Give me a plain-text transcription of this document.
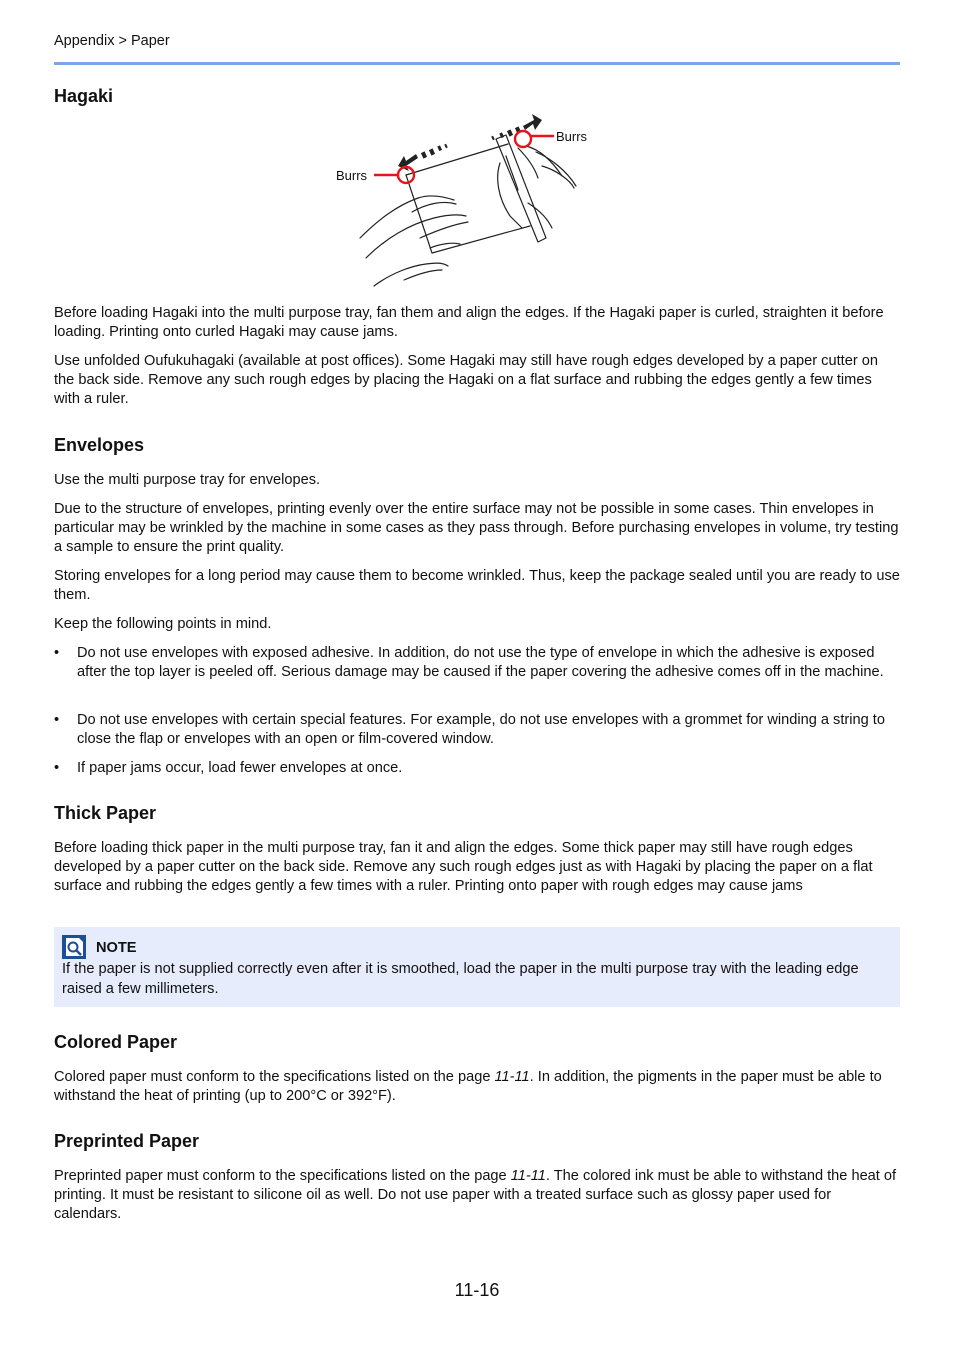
Appendix > Paper
Hagaki
Burrs
Burrs

Before loading Hagaki into the multi purpose tray, fan them and align the edges. If the Hagaki paper is curled, straighten it before loading. Printing onto curled Hagaki may cause jams.

Use unfolded Oufukuhagaki (available at post offices). Some Hagaki may still have rough edges developed by a paper cutter on the back side. Remove any such rough edges by placing the Hagaki on a flat surface and rubbing the edges gently a few times with a ruler.

Envelopes

Use the multi purpose tray for envelopes.

Due to the structure of envelopes, printing evenly over the entire surface may not be possible in some cases. Thin envelopes in particular may be wrinkled by the machine in some cases as they pass through. Before purchasing envelopes in volume, try testing a sample to ensure the print quality.

Storing envelopes for a long period may cause them to become wrinkled. Thus, keep the package sealed until you are ready to use them.

Keep the following points in mind.

•	Do not use envelopes with exposed adhesive. In addition, do not use the type of envelope in which the adhesive is exposed after the top layer is peeled off. Serious damage may be caused if the paper covering the adhesive comes off in the machine.
•	Do not use envelopes with certain special features. For example, do not use envelopes with a grommet for winding a string to close the flap or envelopes with an open or film-covered window.
•	If paper jams occur, load fewer envelopes at once.
Thick Paper

Before loading thick paper in the multi purpose tray, fan it and align the edges. Some thick paper may still have rough edges developed by a paper cutter on the back side. Remove any such rough edges just as with Hagaki by placing the paper on a flat surface and rubbing the edges gently a few times with a ruler. Printing onto paper with rough edges may cause jams

NOTE
If the paper is not supplied correctly even after it is smoothed, load the paper in the multi purpose tray with the leading edge raised a few millimeters.
Colored Paper

Colored paper must conform to the specifications listed on the page 11-11. In addition, the pigments in the paper must be able to withstand the heat of printing (up to 200°C or 392°F).

Preprinted Paper

Preprinted paper must conform to the specifications listed on the page 11-11. The colored ink must be able to withstand the heat of printing. It must be resistant to silicone oil as well. Do not use paper with a treated surface such as glossy paper used for calendars.

11-16
